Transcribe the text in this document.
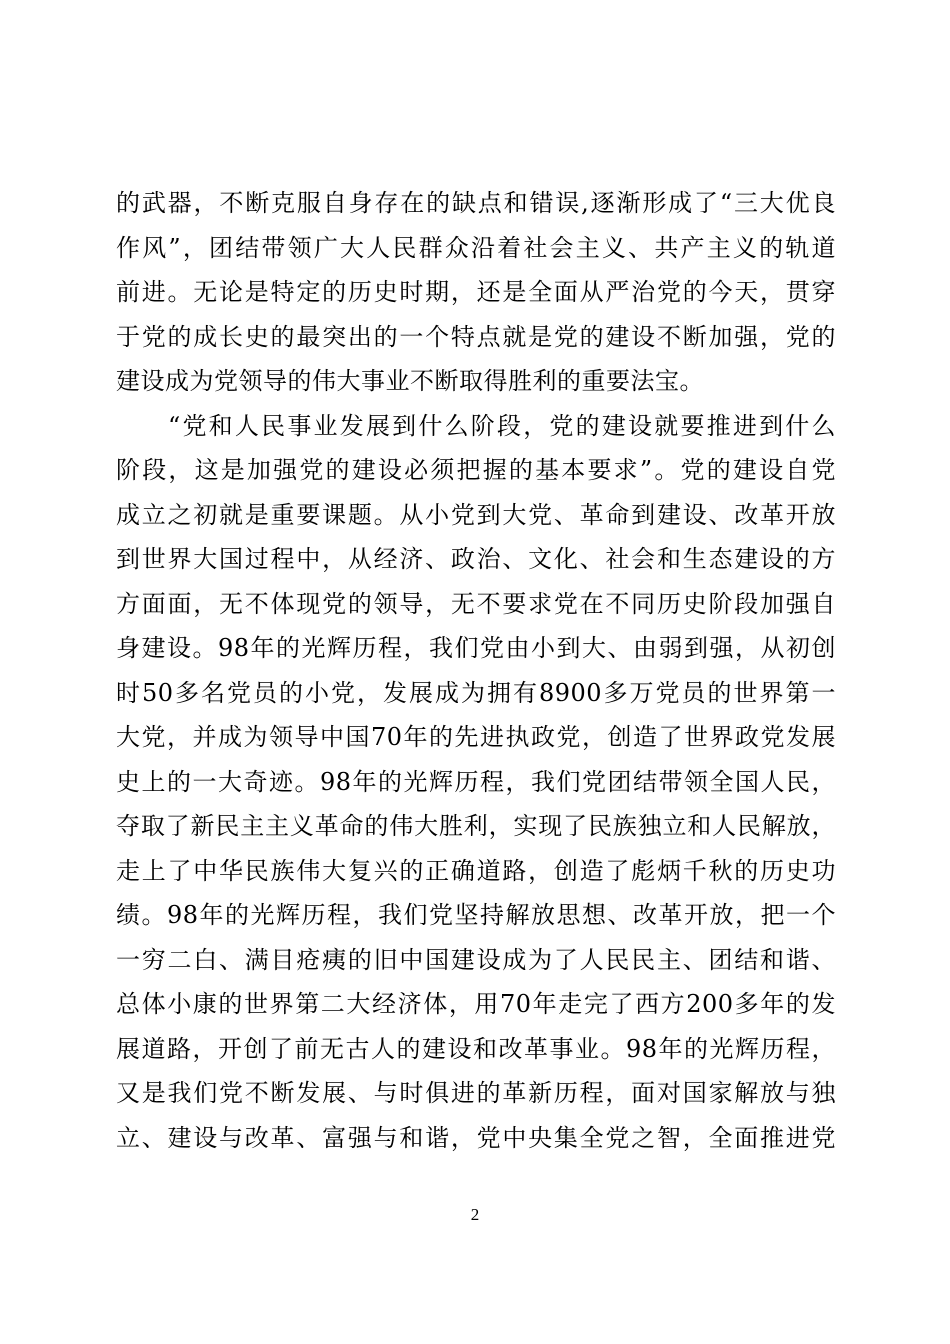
的武器，不断克服自身存在的缺点和错误,逐渐形成了“三大优良
作风”，团结带领广大人民群众沿着社会主义、共产主义的轨道
前进。无论是特定的历史时期，还是全面从严治党的今天，贯穿
于党的成长史的最突出的一个特点就是党的建设不断加强，党的
建设成为党领导的伟大事业不断取得胜利的重要法宝。
“党和人民事业发展到什么阶段，党的建设就要推进到什么
阶段，这是加强党的建设必须把握的基本要求”。党的建设自党
成立之初就是重要课题。从小党到大党、革命到建设、改革开放
到世界大国过程中，从经济、政治、文化、社会和生态建设的方
方面面，无不体现党的领导，无不要求党在不同历史阶段加强自
身建设。98年的光辉历程，我们党由小到大、由弱到强，从初创
时50多名党员的小党，发展成为拥有8900多万党员的世界第一
大党，并成为领导中国70年的先进执政党，创造了世界政党发展
史上的一大奇迹。98年的光辉历程，我们党团结带领全国人民，
夺取了新民主主义革命的伟大胜利，实现了民族独立和人民解放，
走上了中华民族伟大复兴的正确道路，创造了彪炳千秋的历史功
绩。98年的光辉历程，我们党坚持解放思想、改革开放，把一个
一穷二白、满目疮痍的旧中国建设成为了人民民主、团结和谐、
总体小康的世界第二大经济体，用70年走完了西方200多年的发
展道路，开创了前无古人的建设和改革事业。98年的光辉历程，
又是我们党不断发展、与时俱进的革新历程，面对国家解放与独
立、建设与改革、富强与和谐，党中央集全党之智，全面推进党
2
